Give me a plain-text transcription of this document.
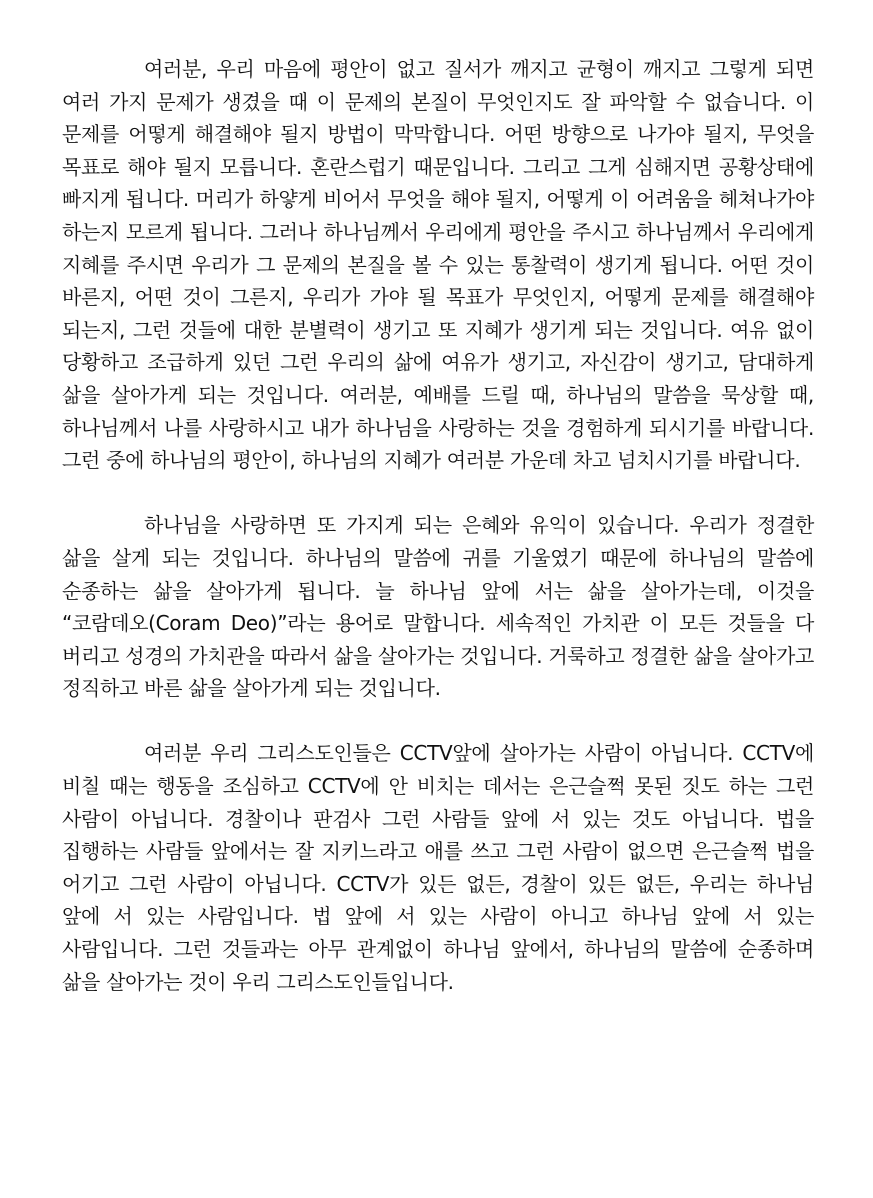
여러분, 우리 마음에 평안이 없고 질서가 깨지고 균형이 깨지고 그렇게 되면 여러 가지 문제가 생겼을 때 이 문제의 본질이 무엇인지도 잘 파악할 수 없습니다. 이 문제를 어떻게 해결해야 될지 방법이 막막합니다. 어떤 방향으로 나가야 될지, 무엇을 목표로 해야 될지 모릅니다. 혼란스럽기 때문입니다. 그리고 그게 심해지면 공황상태에 빠지게 됩니다. 머리가 하얗게 비어서 무엇을 해야 될지, 어떻게 이 어려움을 헤쳐나가야 하는지 모르게 됩니다. 그러나 하나님께서 우리에게 평안을 주시고 하나님께서 우리에게 지혜를 주시면 우리가 그 문제의 본질을 볼 수 있는 통찰력이 생기게 됩니다. 어떤 것이 바른지, 어떤 것이 그른지, 우리가 가야 될 목표가 무엇인지, 어떻게 문제를 해결해야 되는지, 그런 것들에 대한 분별력이 생기고 또 지혜가 생기게 되는 것입니다. 여유 없이 당황하고 조급하게 있던 그런 우리의 삶에 여유가 생기고, 자신감이 생기고, 담대하게 삶을 살아가게 되는 것입니다. 여러분, 예배를 드릴 때, 하나님의 말씀을 묵상할 때, 하나님께서 나를 사랑하시고 내가 하나님을 사랑하는 것을 경험하게 되시기를 바랍니다. 그런 중에 하나님의 평안이, 하나님의 지혜가 여러분 가운데 차고 넘치시기를 바랍니다.

하나님을 사랑하면 또 가지게 되는 은혜와 유익이 있습니다. 우리가 정결한 삶을 살게 되는 것입니다. 하나님의 말씀에 귀를 기울였기 때문에 하나님의 말씀에 순종하는 삶을 살아가게 됩니다. 늘 하나님 앞에 서는 삶을 살아가는데, 이것을 “코람데오(Coram Deo)”라는 용어로 말합니다. 세속적인 가치관 이 모든 것들을 다 버리고 성경의 가치관을 따라서 삶을 살아가는 것입니다. 거룩하고 정결한 삶을 살아가고 정직하고 바른 삶을 살아가게 되는 것입니다.

여러분 우리 그리스도인들은 CCTV앞에 살아가는 사람이 아닙니다. CCTV에 비칠 때는 행동을 조심하고 CCTV에 안 비치는 데서는 은근슬쩍 못된 짓도 하는 그런 사람이 아닙니다. 경찰이나 판검사 그런 사람들 앞에 서 있는 것도 아닙니다. 법을 집행하는 사람들 앞에서는 잘 지키느라고 애를 쓰고 그런 사람이 없으면 은근슬쩍 법을 어기고 그런 사람이 아닙니다. CCTV가 있든 없든, 경찰이 있든 없든, 우리는 하나님 앞에 서 있는 사람입니다. 법 앞에 서 있는 사람이 아니고 하나님 앞에 서 있는 사람입니다. 그런 것들과는 아무 관계없이 하나님 앞에서, 하나님의 말씀에 순종하며 삶을 살아가는 것이 우리 그리스도인들입니다.
